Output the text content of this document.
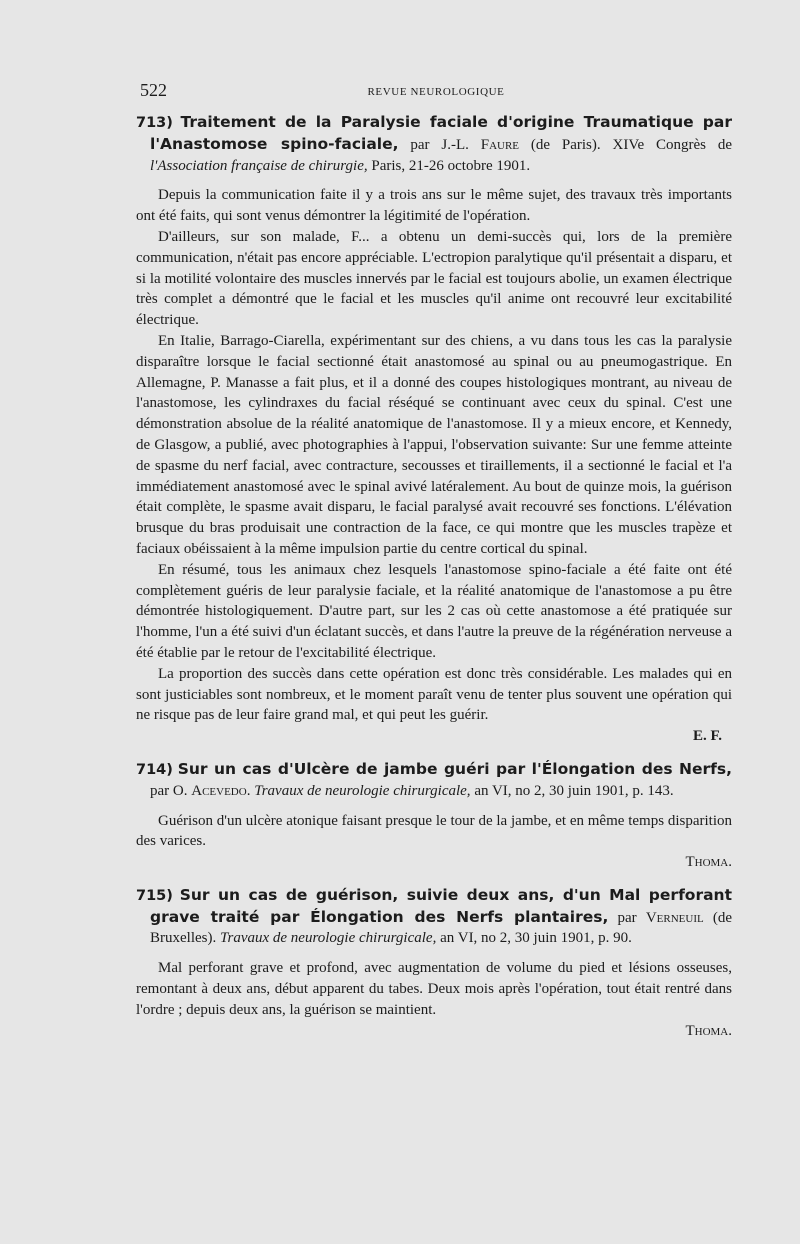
522	REVUE NEUROLOGIQUE

713) Traitement de la Paralysie faciale d'origine Traumatique par l'Anastomose spino-faciale, par J.-L. Faure (de Paris). XIVe Congrès de l'Association française de chirurgie, Paris, 21-26 octobre 1901.

Depuis la communication faite il y a trois ans sur le même sujet, des travaux très importants ont été faits, qui sont venus démontrer la légitimité de l'opération.

D'ailleurs, sur son malade, F... a obtenu un demi-succès qui, lors de la première communication, n'était pas encore appréciable. L'ectropion paralytique qu'il présentait a disparu, et si la motilité volontaire des muscles innervés par le facial est toujours abolie, un examen électrique très complet a démontré que le facial et les muscles qu'il anime ont recouvré leur excitabilité électrique.

En Italie, Barrago-Ciarella, expérimentant sur des chiens, a vu dans tous les cas la paralysie disparaître lorsque le facial sectionné était anastomosé au spinal ou au pneumogastrique. En Allemagne, P. Manasse a fait plus, et il a donné des coupes histologiques montrant, au niveau de l'anastomose, les cylindraxes du facial réséqué se continuant avec ceux du spinal. C'est une démonstration absolue de la réalité anatomique de l'anastomose. Il y a mieux encore, et Kennedy, de Glasgow, a publié, avec photographies à l'appui, l'observation suivante: Sur une femme atteinte de spasme du nerf facial, avec contracture, secousses et tiraillements, il a sectionné le facial et l'a immédiatement anastomosé avec le spinal avivé latéralement. Au bout de quinze mois, la guérison était complète, le spasme avait disparu, le facial paralysé avait recouvré ses fonctions. L'élévation brusque du bras produisait une contraction de la face, ce qui montre que les muscles trapèze et faciaux obéissaient à la même impulsion partie du centre cortical du spinal.

En résumé, tous les animaux chez lesquels l'anastomose spino-faciale a été faite ont été complètement guéris de leur paralysie faciale, et la réalité anatomique de l'anastomose a pu être démontrée histologiquement. D'autre part, sur les 2 cas où cette anastomose a été pratiquée sur l'homme, l'un a été suivi d'un éclatant succès, et dans l'autre la preuve de la régénération nerveuse a été établie par le retour de l'excitabilité électrique.

La proportion des succès dans cette opération est donc très considérable. Les malades qui en sont justiciables sont nombreux, et le moment paraît venu de tenter plus souvent une opération qui ne risque pas de leur faire grand mal, et qui peut les guérir.

E. F.

714) Sur un cas d'Ulcère de jambe guéri par l'Élongation des Nerfs, par O. Acevedo. Travaux de neurologie chirurgicale, an VI, no 2, 30 juin 1901, p. 143.

Guérison d'un ulcère atonique faisant presque le tour de la jambe, et en même temps disparition des varices.

Thoma.

715) Sur un cas de guérison, suivie deux ans, d'un Mal perforant grave traité par Élongation des Nerfs plantaires, par Verneuil (de Bruxelles). Travaux de neurologie chirurgicale, an VI, no 2, 30 juin 1901, p. 90.

Mal perforant grave et profond, avec augmentation de volume du pied et lésions osseuses, remontant à deux ans, début apparent du tabes. Deux mois après l'opération, tout était rentré dans l'ordre ; depuis deux ans, la guérison se maintient.

Thoma.
